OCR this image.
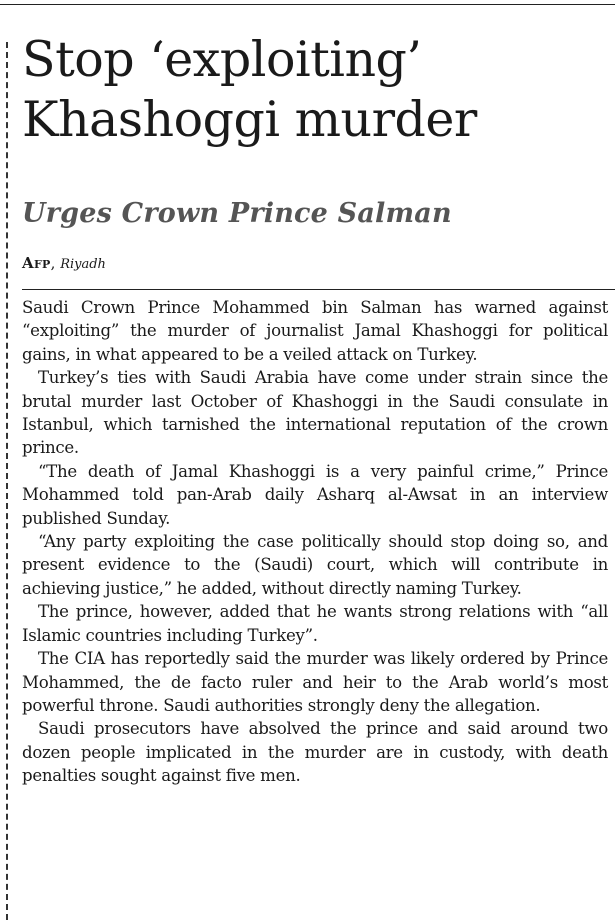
Stop ‘exploiting’ Khashoggi murder
Urges Crown Prince Salman
Afp, Riyadh

Saudi Crown Prince Mohammed bin Salman has warned against “exploiting” the murder of journalist Jamal Khashoggi for political gains, in what appeared to be a veiled attack on Turkey.

Turkey’s ties with Saudi Arabia have come under strain since the brutal murder last October of Khashoggi in the Saudi consulate in Istanbul, which tarnished the international reputation of the crown prince.

“The death of Jamal Khashoggi is a very painful crime,” Prince Mohammed told pan-Arab daily Asharq al-Awsat in an interview published Sunday.

“Any party exploiting the case politically should stop doing so, and present evidence to the (Saudi) court, which will contribute in achieving justice,” he added, without directly naming Turkey.

The prince, however, added that he wants strong relations with “all Islamic countries including Turkey”.

The CIA has reportedly said the murder was likely ordered by Prince Mohammed, the de facto ruler and heir to the Arab world’s most powerful throne. Saudi authorities strongly deny the allegation.

Saudi prosecutors have absolved the prince and said around two dozen people implicated in the murder are in custody, with death penalties sought against five men.
